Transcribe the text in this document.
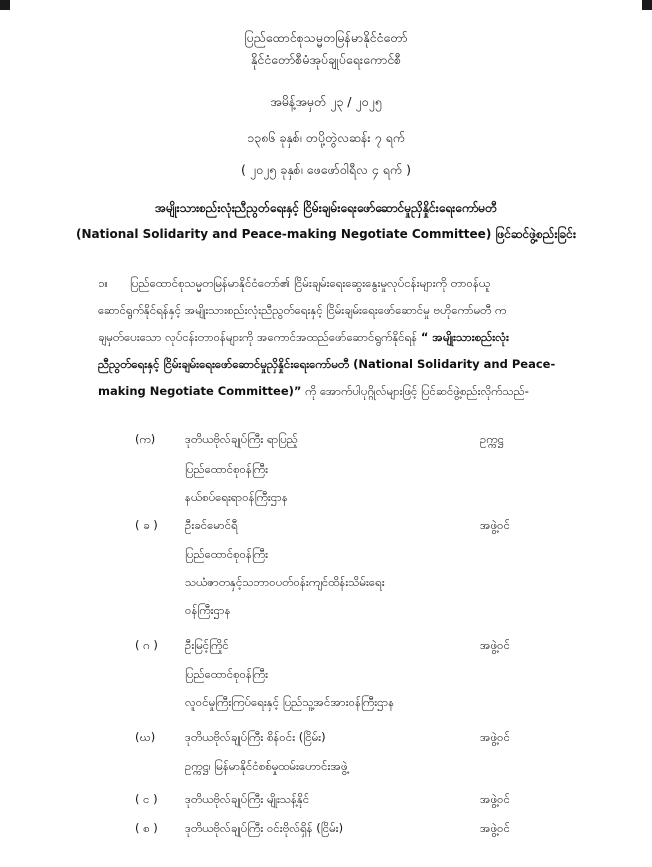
ပြည်ထောင်စုသမ္မတမြန်မာနိုင်ငံတော်
နိုင်ငံတော်စီမံအုပ်ချုပ်ရေးကောင်စီ
အမိန့်အမှတ် ၂၃ / ၂၀၂၅
၁၃၈၆ ခုနှစ်၊ တပို့တွဲလဆန်း ၇ ရက်
( ၂၀၂၅ ခုနှစ်၊ ဖေဖော်ဝါရီလ ၄ ရက် )
အမျိုးသားစည်းလုံးညီညွတ်ရေးနှင့် ငြိမ်းချမ်းရေးဖော်ဆောင်မှုညှိနှိုင်းရေးကော်မတီ
(National Solidarity and Peace-making Negotiate Committee) ဖြင်ဆင်ဖွဲ့စည်းခြင်း
၁။ ပြည်ထောင်စုသမ္မတမြန်မာနိုင်ငံတော်၏ ငြိမ်းချမ်းရေးဆွေးနွေးမှုလုပ်ငန်းများကို တာဝန်ယူ
ဆောင်ရွက်နိုင်ရန်နှင့် အမျိုးသားစည်းလုံးညီညွတ်ရေးနှင့် ငြိမ်းချမ်းရေးဖော်ဆောင်မှု ဗဟိုကော်မတီ က
ချမှတ်ပေးသော လုပ်ငန်းတာဝန်များကို အကောင်အထည်ဖော်ဆောင်ရွက်နိုင်ရန် “ အမျိုးသားစည်းလုံး
ညီညွတ်ရေးနှင့် ငြိမ်းချမ်းရေးဖော်ဆောင်မှုညှိနှိုင်းရေးကော်မတီ (National Solidarity and Peace-
making Negotiate Committee)” ကို အောက်ပါပုဂ္ဂိုလ်များဖြင့် ပြင်ဆင်ဖွဲ့စည်းလိုက်သည်-
(က)	ဒုတိယဗိုလ်ချုပ်ကြီး ရာပြည့်	ဥက္ကဋ္ဌ
ပြည်ထောင်စုဝန်ကြီး
နယ်စပ်ရေးရာဝန်ကြီးဌာန
( ခ ) ဦးခင်မောင်ရီ	အဖွဲ့ဝင်
ပြည်ထောင်စုဝန်ကြီး
သယံဇာတနှင့်သဘာဝပတ်ဝန်းကျင်ထိန်းသိမ်းရေး
ဝန်ကြီးဌာန
( ဂ ) ဦးမြင့်ကြိုင်	အဖွဲ့ဝင်
ပြည်ထောင်စုဝန်ကြီး
လူဝင်မှုကြီးကြပ်ရေးနှင့် ပြည်သူ့အင်အားဝန်ကြီးဌာန
(ဃ)	ဒုတိယဗိုလ်ချုပ်ကြီး စိန်ဝင်း (ငြိမ်း)	အဖွဲ့ဝင်
ဥက္ကဋ္ဌ၊ မြန်မာနိုင်ငံစစ်မှုထမ်းဟောင်းအဖွဲ့
( င ) ဒုတိယဗိုလ်ချုပ်ကြီး မျိုးသန့်နိုင်	အဖွဲ့ဝင်
( စ ) ဒုတိယဗိုလ်ချုပ်ကြီး ဝင်းဗိုလ်ရှိန် (ငြိမ်း)	အဖွဲ့ဝင်
